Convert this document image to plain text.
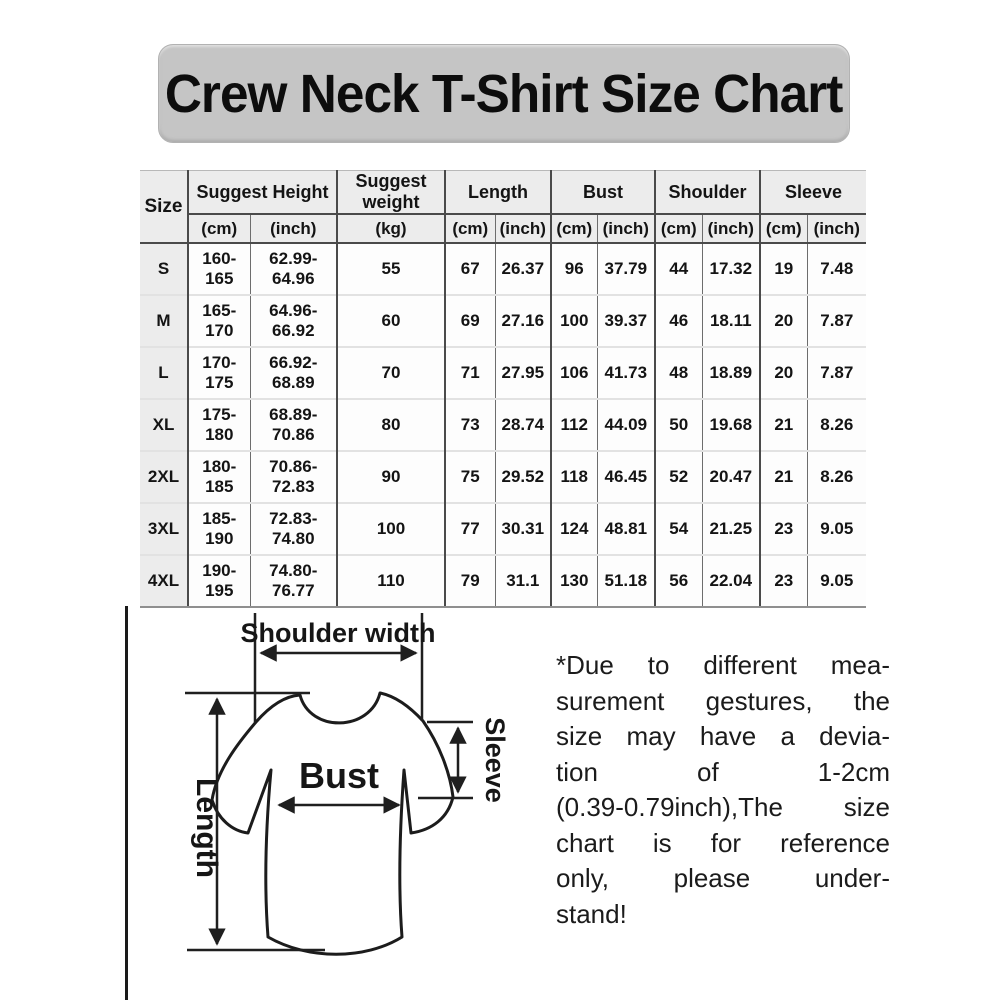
Crew Neck T-Shirt Size Chart
Size	Suggest Height		Suggest weight	Length		Bust		Shoulder		Sleeve	
	(cm)	(inch)	(kg)	(cm)	(inch)	(cm)	(inch)	(cm)	(inch)	(cm)	(inch)
S	160-165	62.99-64.96	55	67	26.37	96	37.79	44	17.32	19	7.48
M	165-170	64.96-66.92	60	69	27.16	100	39.37	46	18.11	20	7.87
L	170-175	66.92-68.89	70	71	27.95	106	41.73	48	18.89	20	7.87
XL	175-180	68.89-70.86	80	73	28.74	112	44.09	50	19.68	21	8.26
2XL	180-185	70.86-72.83	90	75	29.52	118	46.45	52	20.47	21	8.26
3XL	185-190	72.83-74.80	100	77	30.31	124	48.81	54	21.25	23	9.05
4XL	190-195	74.80-76.77	110	79	31.1	130	51.18	56	22.04	23	9.05
Shoulder width
Length
Bust	Sleeve
*Due to different mea-
surement gestures, the
size may have a devia-
tion of 1-2cm
(0.39-0.79inch),The size
chart is for reference
only, please under-
stand!
